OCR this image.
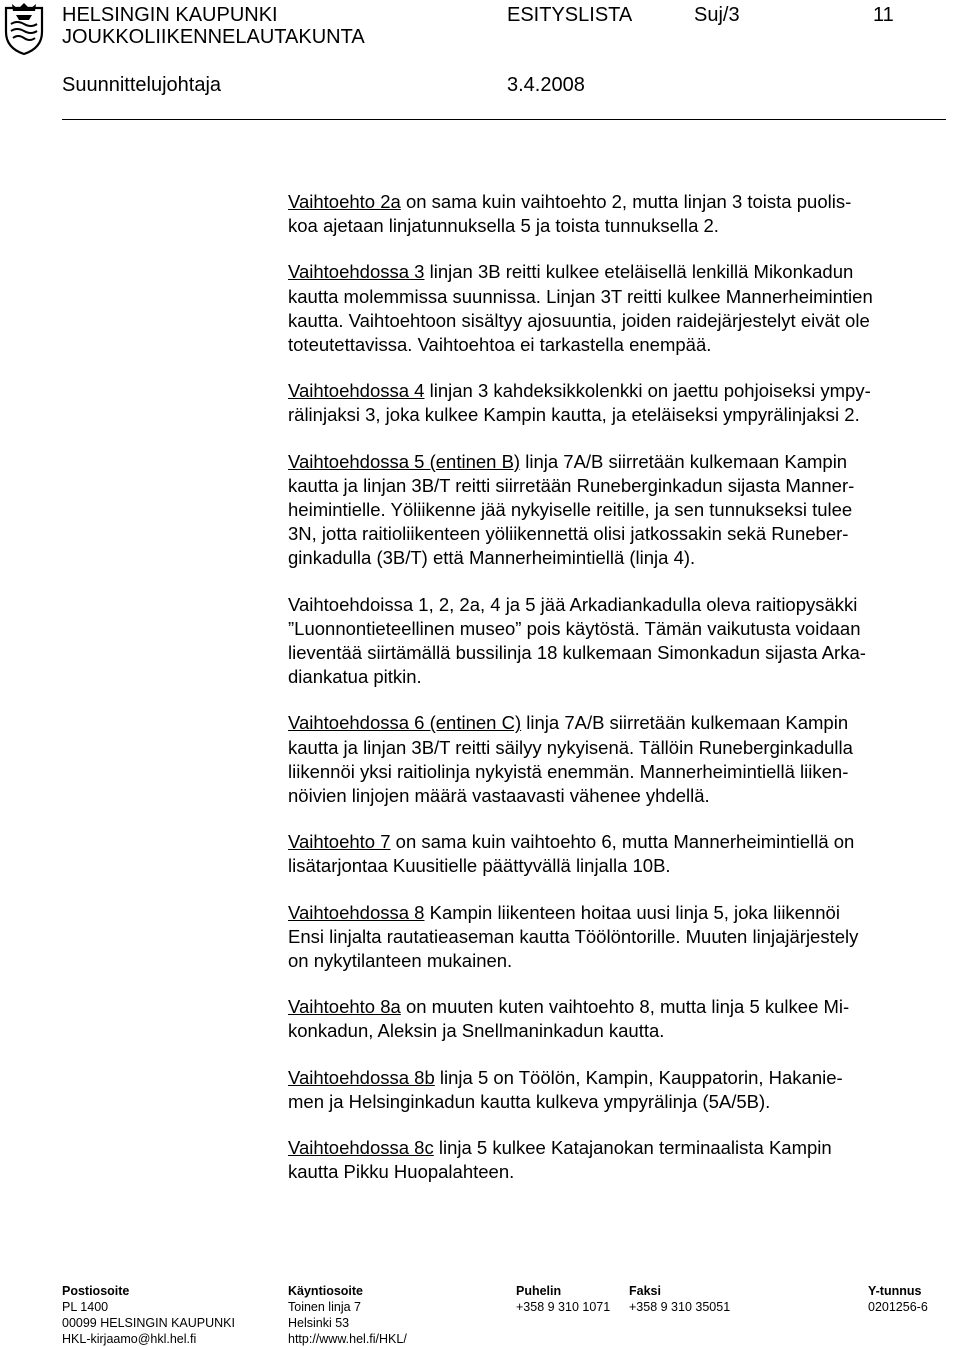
HELSINGIN KAUPUNKI
JOUKKOLIIKENNELAUTAKUNTA
ESITYSLISTA	Suj/3	11
Suunnittelujohtaja	3.4.2008

Vaihtoehto 2a on sama kuin vaihtoehto 2, mutta linjan 3 toista puolis-
koa ajetaan linjatunnuksella 5 ja toista tunnuksella 2.

Vaihtoehdossa 3 linjan 3B reitti kulkee eteläisellä lenkillä Mikonkadun
kautta molemmissa suunnissa. Linjan 3T reitti kulkee Mannerheimintien
kautta. Vaihtoehtoon sisältyy ajosuuntia, joiden raidejärjestelyt eivät ole
toteutettavissa. Vaihtoehtoa ei tarkastella enempää.

Vaihtoehdossa 4 linjan 3 kahdeksikkolenkki on jaettu pohjoiseksi ympy-
rälinjaksi 3, joka kulkee Kampin kautta, ja eteläiseksi ympyrälinjaksi 2.

Vaihtoehdossa 5 (entinen B) linja 7A/B siirretään kulkemaan Kampin
kautta ja linjan 3B/T reitti siirretään Runeberginkadun sijasta Manner-
heimintielle. Yöliikenne jää nykyiselle reitille, ja sen tunnukseksi tulee
3N, jotta raitioliikenteen yöliikennettä olisi jatkossakin sekä Runeber-
ginkadulla (3B/T) että Mannerheimintiellä (linja 4).

Vaihtoehdoissa 1, 2, 2a, 4 ja 5 jää Arkadiankadulla oleva raitiopysäkki
”Luonnontieteellinen museo” pois käytöstä. Tämän vaikutusta voidaan
lieventää siirtämällä bussilinja 18 kulkemaan Simonkadun sijasta Arka-
diankatua pitkin.

Vaihtoehdossa 6 (entinen C) linja 7A/B siirretään kulkemaan Kampin
kautta ja linjan 3B/T reitti säilyy nykyisenä. Tällöin Runeberginkadulla
liikennöi yksi raitiolinja nykyistä enemmän. Mannerheimintiellä liiken-
nöivien linjojen määrä vastaavasti vähenee yhdellä.

Vaihtoehto 7 on sama kuin vaihtoehto 6, mutta Mannerheimintiellä on
lisätarjontaa Kuusitielle päättyvällä linjalla 10B.

Vaihtoehdossa 8 Kampin liikenteen hoitaa uusi linja 5, joka liikennöi
Ensi linjalta rautatieaseman kautta Töölöntorille. Muuten linjajärjestely
on nykytilanteen mukainen.

Vaihtoehto 8a on muuten kuten vaihtoehto 8, mutta linja 5 kulkee Mi-
konkadun, Aleksin ja Snellmaninkadun kautta.

Vaihtoehdossa 8b linja 5 on Töölön, Kampin, Kauppatorin, Hakanie-
men ja Helsinginkadun kautta kulkeva ympyrälinja (5A/5B).

Vaihtoehdossa 8c linja 5 kulkee Katajanokan terminaalista Kampin
kautta Pikku Huopalahteen.

Postiosoite
PL 1400
00099 HELSINGIN KAUPUNKI
HKL-kirjaamo@hkl.hel.fi
Käyntiosoite
Toinen linja 7
Helsinki 53
http://www.hel.fi/HKL/
Puhelin
+358 9 310 1071
Faksi
+358 9 310 35051
Y-tunnus
0201256-6
